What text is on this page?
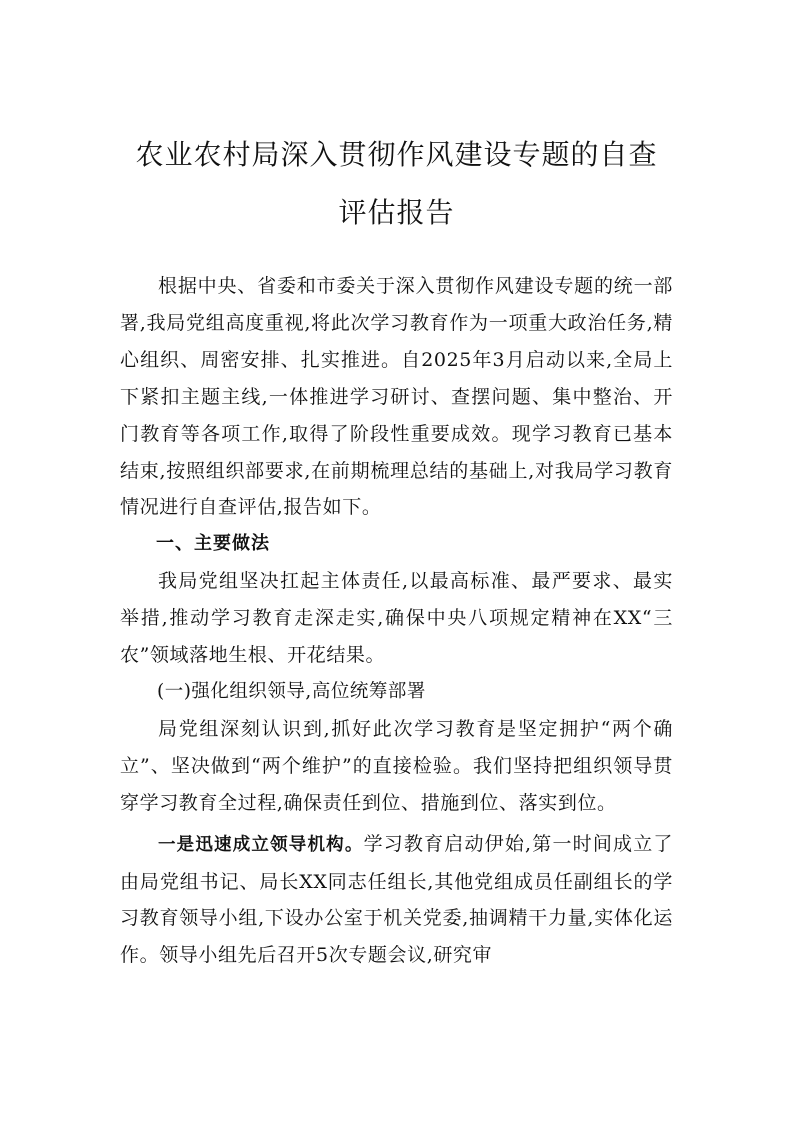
农业农村局深入贯彻作风建设专题的自查
评估报告

根据中央、省委和市委关于深入贯彻作风建设专题的统一部署,我局党组高度重视,将此次学习教育作为一项重大政治任务,精心组织、周密安排、扎实推进。自2025年3月启动以来,全局上下紧扣主题主线,一体推进学习研讨、查摆问题、集中整治、开门教育等各项工作,取得了阶段性重要成效。现学习教育已基本结束,按照组织部要求,在前期梳理总结的基础上,对我局学习教育情况进行自查评估,报告如下。

一、主要做法

我局党组坚决扛起主体责任,以最高标准、最严要求、最实举措,推动学习教育走深走实,确保中央八项规定精神在XX“三农”领域落地生根、开花结果。

(一)强化组织领导,高位统筹部署

局党组深刻认识到,抓好此次学习教育是坚定拥护“两个确立”、坚决做到“两个维护”的直接检验。我们坚持把组织领导贯穿学习教育全过程,确保责任到位、措施到位、落实到位。

一是迅速成立领导机构。学习教育启动伊始,第一时间成立了由局党组书记、局长XX同志任组长,其他党组成员任副组长的学习教育领导小组,下设办公室于机关党委,抽调精干力量,实体化运作。领导小组先后召开5次专题会议,研究审
